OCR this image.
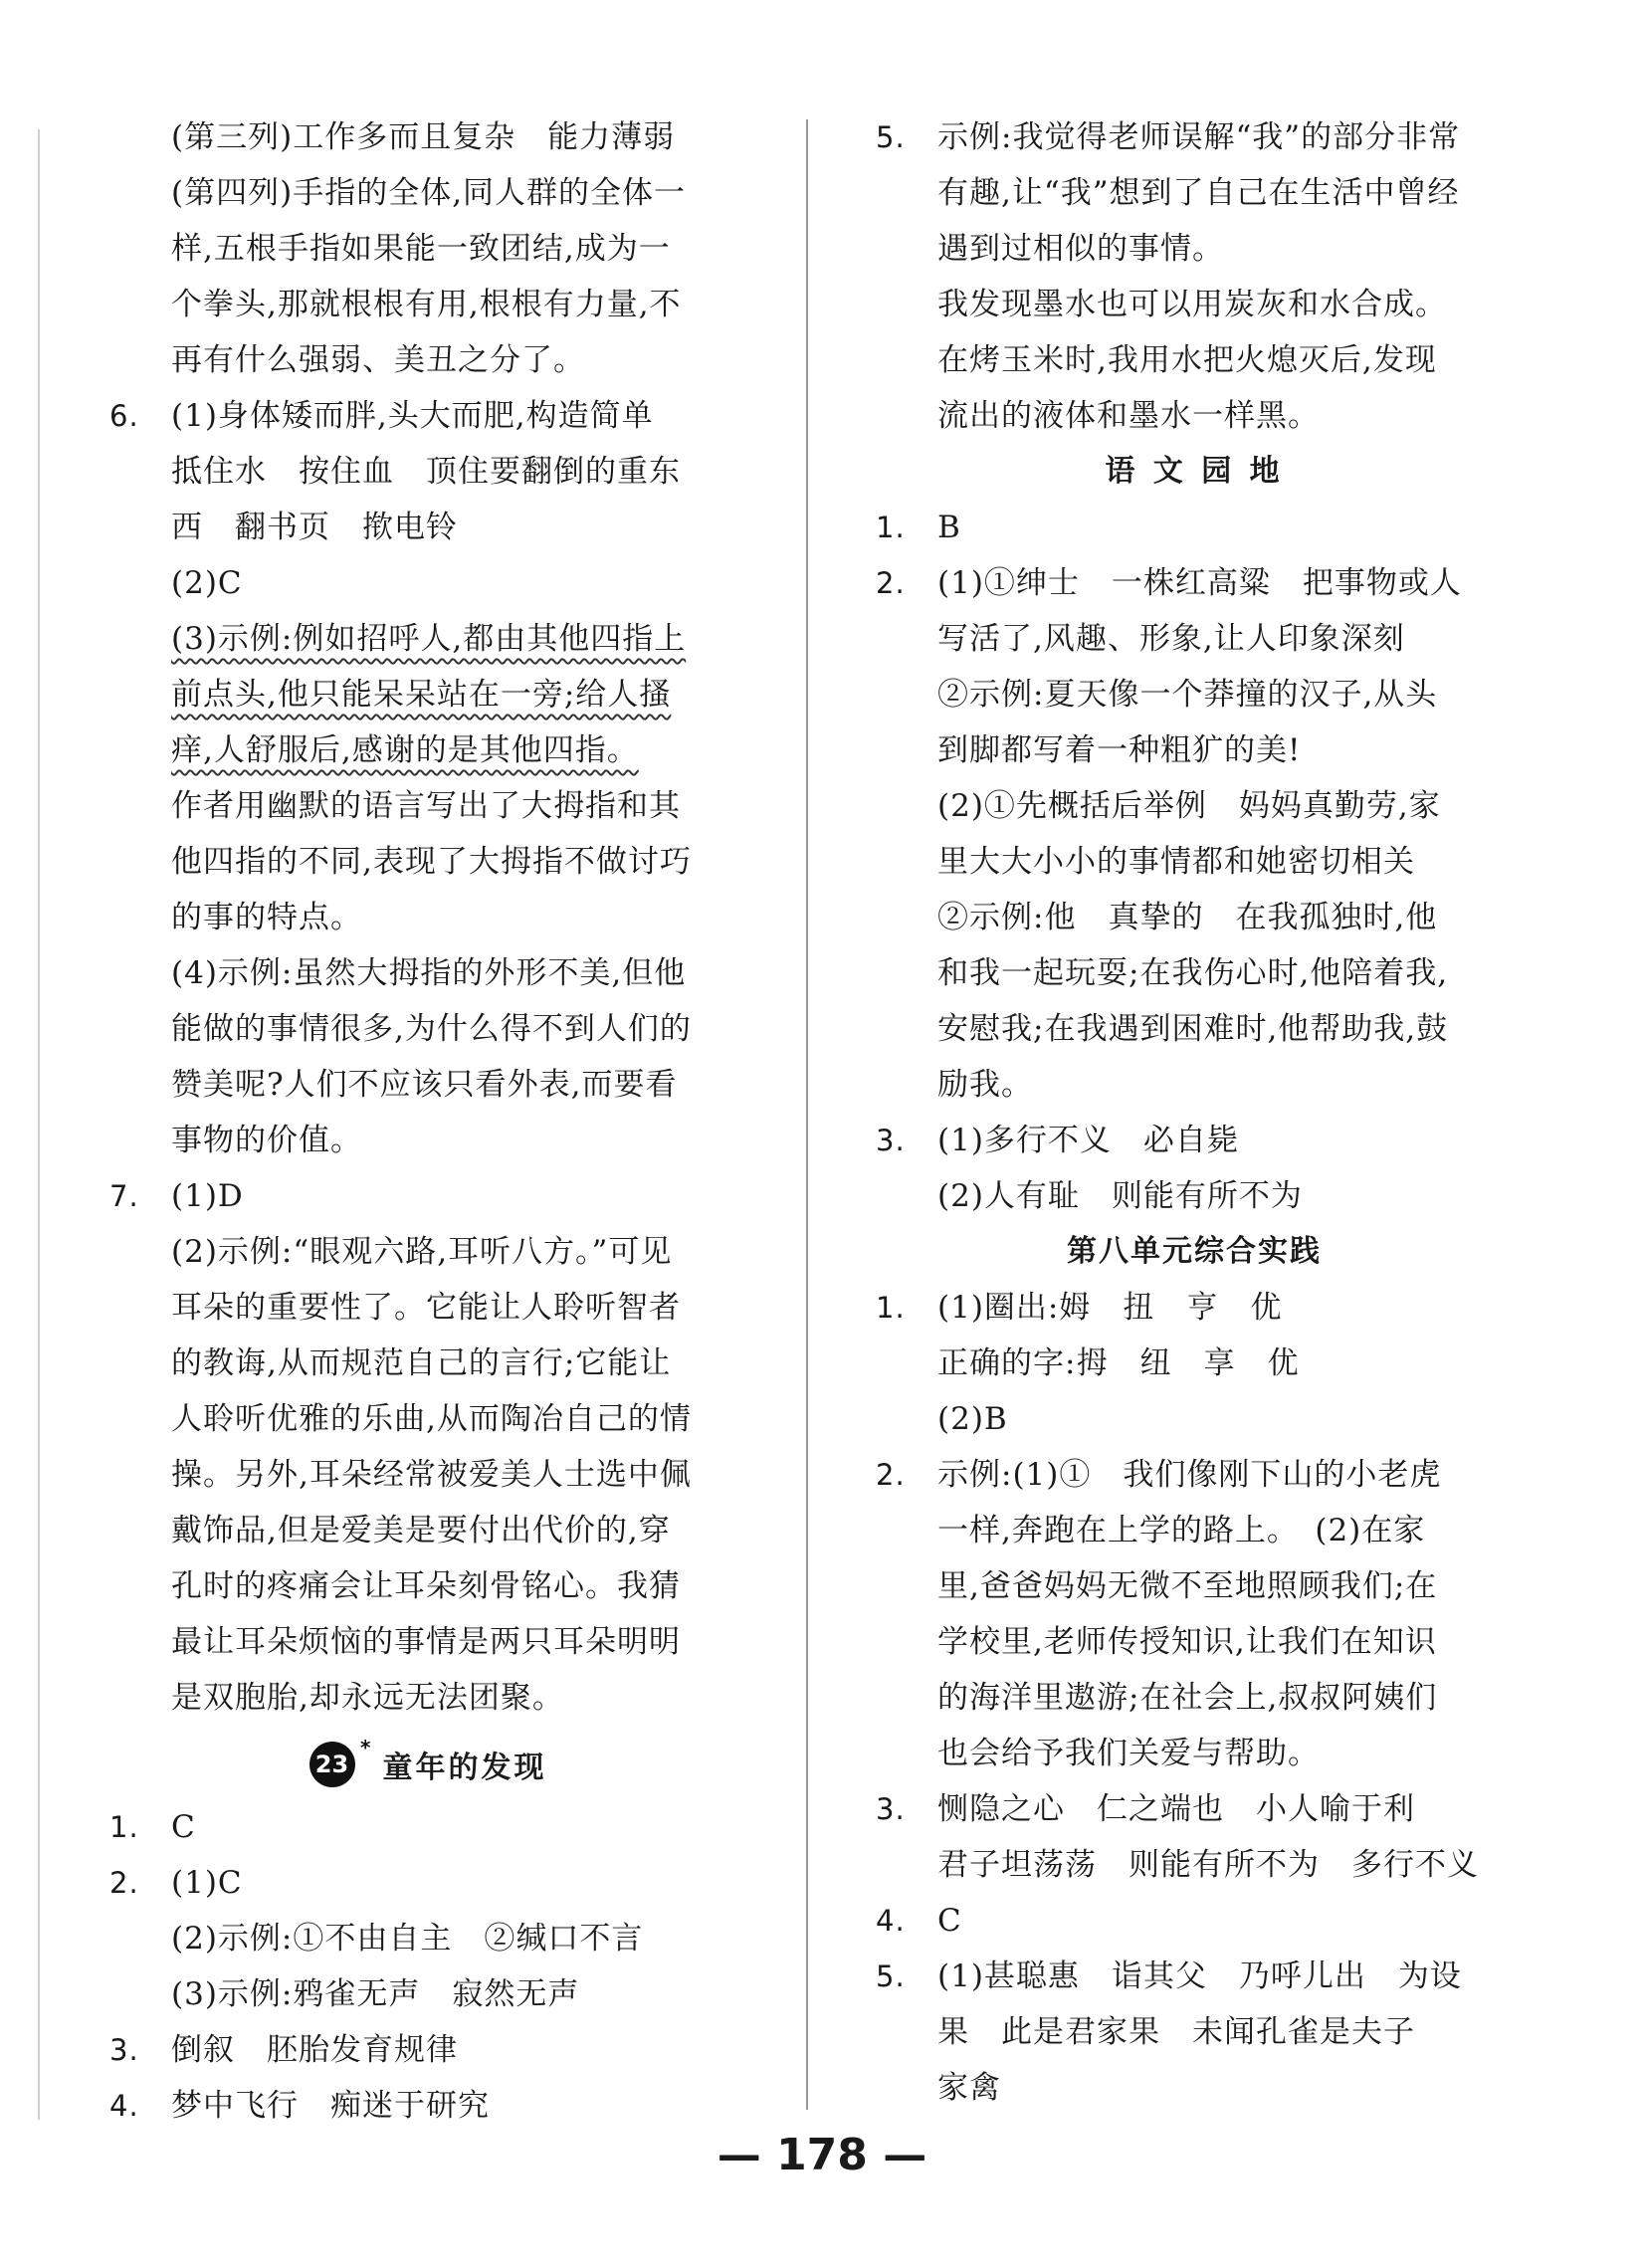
(第三列)工作多而且复杂　能力薄弱
(第四列)手指的全体,同人群的全体一
样,五根手指如果能一致团结,成为一
个拳头,那就根根有用,根根有力量,不
再有什么强弱、美丑之分了。
6. (1)身体矮而胖,头大而肥,构造简单
抵住水　按住血　顶住要翻倒的重东
西　翻书页　揿电铃
(2)C
(3)示例:例如招呼人,都由其他四指上
前点头,他只能呆呆站在一旁;给人搔
痒,人舒服后,感谢的是其他四指。
作者用幽默的语言写出了大拇指和其
他四指的不同,表现了大拇指不做讨巧
的事的特点。
(4)示例:虽然大拇指的外形不美,但他
能做的事情很多,为什么得不到人们的
赞美呢?人们不应该只看外表,而要看
事物的价值。
7. (1)D
(2)示例:“眼观六路,耳听八方。”可见
耳朵的重要性了。它能让人聆听智者
的教诲,从而规范自己的言行;它能让
人聆听优雅的乐曲,从而陶冶自己的情
操。另外,耳朵经常被爱美人士选中佩
戴饰品,但是爱美是要付出代价的,穿
孔时的疼痛会让耳朵刻骨铭心。我猜
最让耳朵烦恼的事情是两只耳朵明明
是双胞胎,却永远无法团聚。
23
*
童年的发现
1. C
2. (1)C
(2)示例:①不由自主　②缄口不言
(3)示例:鸦雀无声　寂然无声
3. 倒叙　胚胎发育规律
4. 梦中飞行　痴迷于研究
5. 示例:我觉得老师误解“我”的部分非常
有趣,让“我”想到了自己在生活中曾经
遇到过相似的事情。
我发现墨水也可以用炭灰和水合成。
在烤玉米时,我用水把火熄灭后,发现
流出的液体和墨水一样黑。
语 文 园 地
1. B
2. (1)①绅士　一株红高粱　把事物或人
写活了,风趣、形象,让人印象深刻
②示例:夏天像一个莽撞的汉子,从头
到脚都写着一种粗犷的美!
(2)①先概括后举例　妈妈真勤劳,家
里大大小小的事情都和她密切相关
②示例:他　真挚的　在我孤独时,他
和我一起玩耍;在我伤心时,他陪着我,
安慰我;在我遇到困难时,他帮助我,鼓
励我。
3. (1)多行不义　必自毙
(2)人有耻　则能有所不为
第八单元综合实践
1. (1)圈出:姆　扭　亨　优
正确的字:拇　纽　享　优
(2)B
2. 示例:(1)①　我们像刚下山的小老虎
一样,奔跑在上学的路上。　(2)在家
里,爸爸妈妈无微不至地照顾我们;在
学校里,老师传授知识,让我们在知识
的海洋里遨游;在社会上,叔叔阿姨们
也会给予我们关爱与帮助。
3. 恻隐之心　仁之端也　小人喻于利
君子坦荡荡　则能有所不为　多行不义
4. C
5. (1)甚聪惠　诣其父　乃呼儿出　为设
果　此是君家果　未闻孔雀是夫子
家禽
— 178 —
